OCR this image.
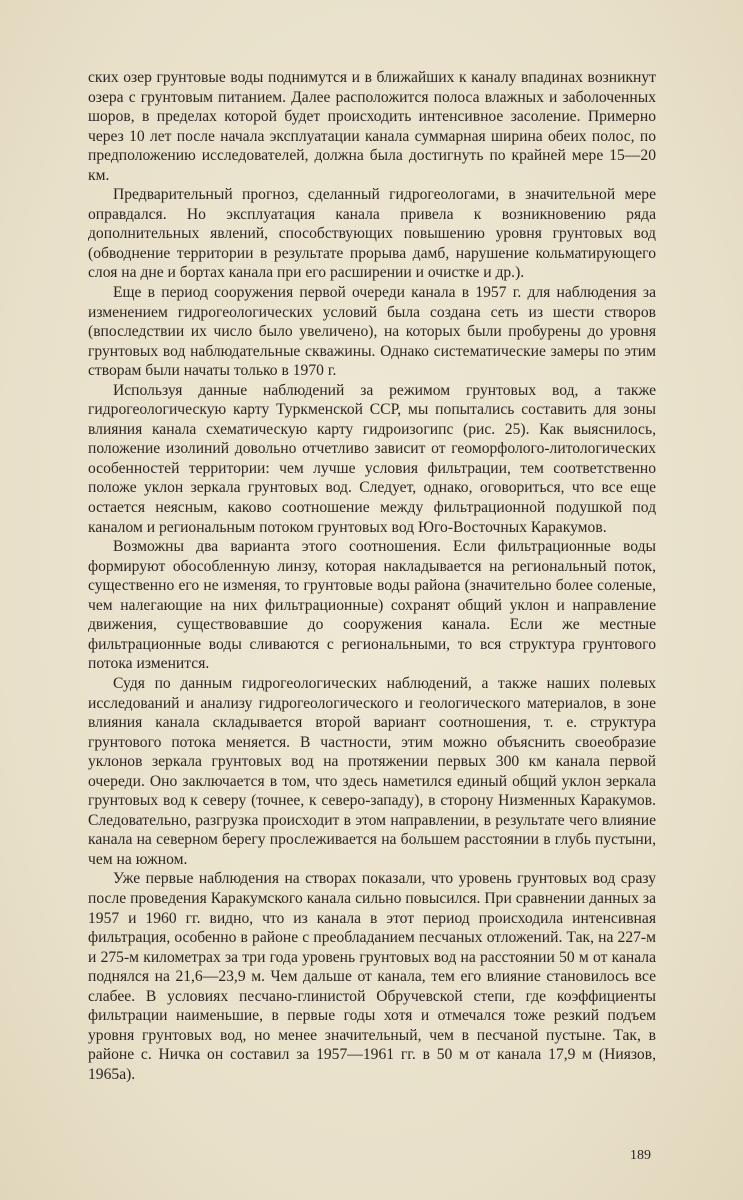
ских озер грунтовые воды поднимутся и в ближайших к каналу впадинах возникнут озера с грунтовым питанием. Далее расположится полоса влажных и заболоченных шоров, в пределах которой будет происходить интенсивное засоление. Примерно через 10 лет после начала эксплуатации канала суммарная ширина обеих полос, по предположению исследователей, должна была достигнуть по крайней мере 15—20 км.

Предварительный прогноз, сделанный гидрогеологами, в значительной мере оправдался. Но эксплуатация канала привела к возникновению ряда дополнительных явлений, способствующих повышению уровня грунтовых вод (обводнение территории в результате прорыва дамб, нарушение кольматирующего слоя на дне и бортах канала при его расширении и очистке и др.).

Еще в период сооружения первой очереди канала в 1957 г. для наблюдения за изменением гидрогеологических условий была создана сеть из шести створов (впоследствии их число было увеличено), на которых были пробурены до уровня грунтовых вод наблюдательные скважины. Однако систематические замеры по этим створам были начаты только в 1970 г.

Используя данные наблюдений за режимом грунтовых вод, а также гидрогеологическую карту Туркменской ССР, мы попытались составить для зоны влияния канала схематическую карту гидроизогипс (рис. 25). Как выяснилось, положение изолиний довольно отчетливо зависит от геоморфолого-литологических особенностей территории: чем лучше условия фильтрации, тем соответственно положе уклон зеркала грунтовых вод. Следует, однако, оговориться, что все еще остается неясным, каково соотношение между фильтрационной подушкой под каналом и региональным потоком грунтовых вод Юго-Восточных Каракумов.

Возможны два варианта этого соотношения. Если фильтрационные воды формируют обособленную линзу, которая накладывается на региональный поток, существенно его не изменяя, то грунтовые воды района (значительно более соленые, чем налегающие на них фильтрационные) сохранят общий уклон и направление движения, существовавшие до сооружения канала. Если же местные фильтрационные воды сливаются с региональными, то вся структура грунтового потока изменится.

Судя по данным гидрогеологических наблюдений, а также наших полевых исследований и анализу гидрогеологического и геологического материалов, в зоне влияния канала складывается второй вариант соотношения, т. е. структура грунтового потока меняется. В частности, этим можно объяснить своеобразие уклонов зеркала грунтовых вод на протяжении первых 300 км канала первой очереди. Оно заключается в том, что здесь наметился единый общий уклон зеркала грунтовых вод к северу (точнее, к северо-западу), в сторону Низменных Каракумов. Следовательно, разгрузка происходит в этом направлении, в результате чего влияние канала на северном берегу прослеживается на большем расстоянии в глубь пустыни, чем на южном.

Уже первые наблюдения на створах показали, что уровень грунтовых вод сразу после проведения Каракумского канала сильно повысился. При сравнении данных за 1957 и 1960 гг. видно, что из канала в этот период происходила интенсивная фильтрация, особенно в районе с преобладанием песчаных отложений. Так, на 227-м и 275-м километрах за три года уровень грунтовых вод на расстоянии 50 м от канала поднялся на 21,6—23,9 м. Чем дальше от канала, тем его влияние становилось все слабее. В условиях песчано-глинистой Обручевской степи, где коэффициенты фильтрации наименьшие, в первые годы хотя и отмечался тоже резкий подъем уровня грунтовых вод, но менее значительный, чем в песчаной пустыне. Так, в районе с. Ничка он составил за 1957—1961 гг. в 50 м от канала 17,9 м (Ниязов, 1965а).

189
